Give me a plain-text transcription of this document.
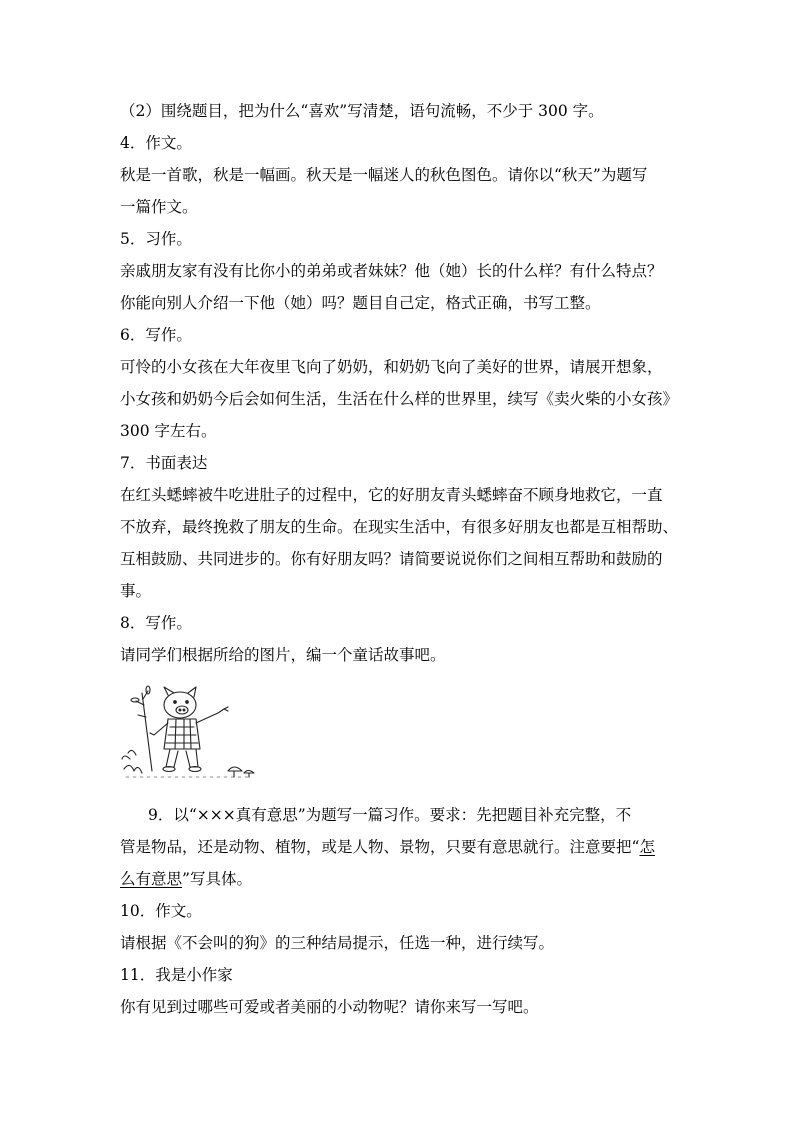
（2）围绕题目，把为什么“喜欢”写清楚，语句流畅，不少于 300 字。
4．作文。
秋是一首歌，秋是一幅画。秋天是一幅迷人的秋色图色。请你以“秋天”为题写
一篇作文。
5．习作。
亲戚朋友家有没有比你小的弟弟或者妹妹？他（她）长的什么样？有什么特点？
你能向别人介绍一下他（她）吗？题目自己定，格式正确，书写工整。
6．写作。
可怜的小女孩在大年夜里飞向了奶奶，和奶奶飞向了美好的世界，请展开想象，
小女孩和奶奶今后会如何生活，生活在什么样的世界里，续写《卖火柴的小女孩》
300 字左右。
7．书面表达
在红头蟋蟀被牛吃进肚子的过程中，它的好朋友青头蟋蟀奋不顾身地救它，一直
不放弃，最终挽救了朋友的生命。在现实生活中，有很多好朋友也都是互相帮助、
互相鼓励、共同进步的。你有好朋友吗？请简要说说你们之间相互帮助和鼓励的
事。
8．写作。
请同学们根据所给的图片，编一个童话故事吧。
9．以“×××真有意思”为题写一篇习作。要求：先把题目补充完整，不
管是物品，还是动物、植物，或是人物、景物，只要有意思就行。注意要把“怎
么有意思”写具体。
10．作文。
请根据《不会叫的狗》的三种结局提示，任选一种，进行续写。
11．我是小作家
你有见到过哪些可爱或者美丽的小动物呢？请你来写一写吧。
